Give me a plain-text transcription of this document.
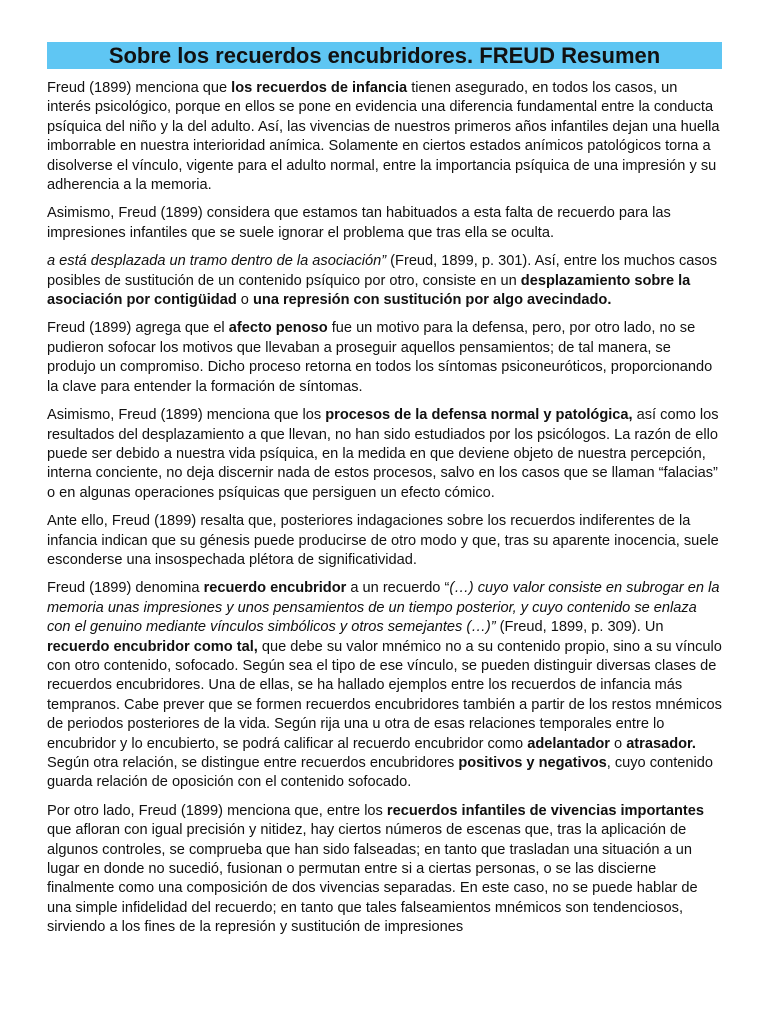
Sobre los recuerdos encubridores. FREUD Resumen

Freud (1899) menciona que los recuerdos de infancia tienen asegurado, en todos los casos, un interés psicológico, porque en ellos se pone en evidencia una diferencia fundamental entre la conducta psíquica del niño y la del adulto. Así, las vivencias de nuestros primeros años infantiles dejan una huella imborrable en nuestra interioridad anímica. Solamente en ciertos estados anímicos patológicos torna a disolverse el vínculo, vigente para el adulto normal, entre la importancia psíquica de una impresión y su adherencia a la memoria.

Asimismo, Freud (1899) considera que estamos tan habituados a esta falta de recuerdo para las impresiones infantiles que se suele ignorar el problema que tras ella se oculta.

a está desplazada un tramo dentro de la asociación” (Freud, 1899, p. 301). Así, entre los muchos casos posibles de sustitución de un contenido psíquico por otro, consiste en un desplazamiento sobre la asociación por contigüidad o una represión con sustitución por algo avecindado.

Freud (1899) agrega que el afecto penoso fue un motivo para la defensa, pero, por otro lado, no se pudieron sofocar los motivos que llevaban a proseguir aquellos pensamientos; de tal manera, se produjo un compromiso. Dicho proceso retorna en todos los síntomas psiconeuróticos, proporcionando la clave para entender la formación de síntomas.

Asimismo, Freud (1899) menciona que los procesos de la defensa normal y patológica, así como los resultados del desplazamiento a que llevan, no han sido estudiados por los psicólogos. La razón de ello puede ser debido a nuestra vida psíquica, en la medida en que deviene objeto de nuestra percepción, interna conciente, no deja discernir nada de estos procesos, salvo en los casos que se llaman “falacias” o en algunas operaciones psíquicas que persiguen un efecto cómico.

Ante ello, Freud (1899) resalta que, posteriores indagaciones sobre los recuerdos indiferentes de la infancia indican que su génesis puede producirse de otro modo y que, tras su aparente inocencia, suele esconderse una insospechada plétora de significatividad.

Freud (1899) denomina recuerdo encubridor a un recuerdo “(…) cuyo valor consiste en subrogar en la memoria unas impresiones y unos pensamientos de un tiempo posterior, y cuyo contenido se enlaza con el genuino mediante vínculos simbólicos y otros semejantes (…)” (Freud, 1899, p. 309). Un recuerdo encubridor como tal, que debe su valor mnémico no a su contenido propio, sino a su vínculo con otro contenido, sofocado. Según sea el tipo de ese vínculo, se pueden distinguir diversas clases de recuerdos encubridores. Una de ellas, se ha hallado ejemplos entre los recuerdos de infancia más tempranos. Cabe prever que se formen recuerdos encubridores también a partir de los restos mnémicos de periodos posteriores de la vida. Según rija una u otra de esas relaciones temporales entre lo encubridor y lo encubierto, se podrá calificar al recuerdo encubridor como adelantador o atrasador. Según otra relación, se distingue entre recuerdos encubridores positivos y negativos, cuyo contenido guarda relación de oposición con el contenido sofocado.

Por otro lado, Freud (1899) menciona que, entre los recuerdos infantiles de vivencias importantes que afloran con igual precisión y nitidez, hay ciertos números de escenas que, tras la aplicación de algunos controles, se comprueba que han sido falseadas; en tanto que trasladan una situación a un lugar en donde no sucedió, fusionan o permutan entre si a ciertas personas, o se las discierne finalmente como una composición de dos vivencias separadas. En este caso, no se puede hablar de una simple infidelidad del recuerdo; en tanto que tales falseamientos mnémicos son tendenciosos, sirviendo a los fines de la represión y sustitución de impresiones
